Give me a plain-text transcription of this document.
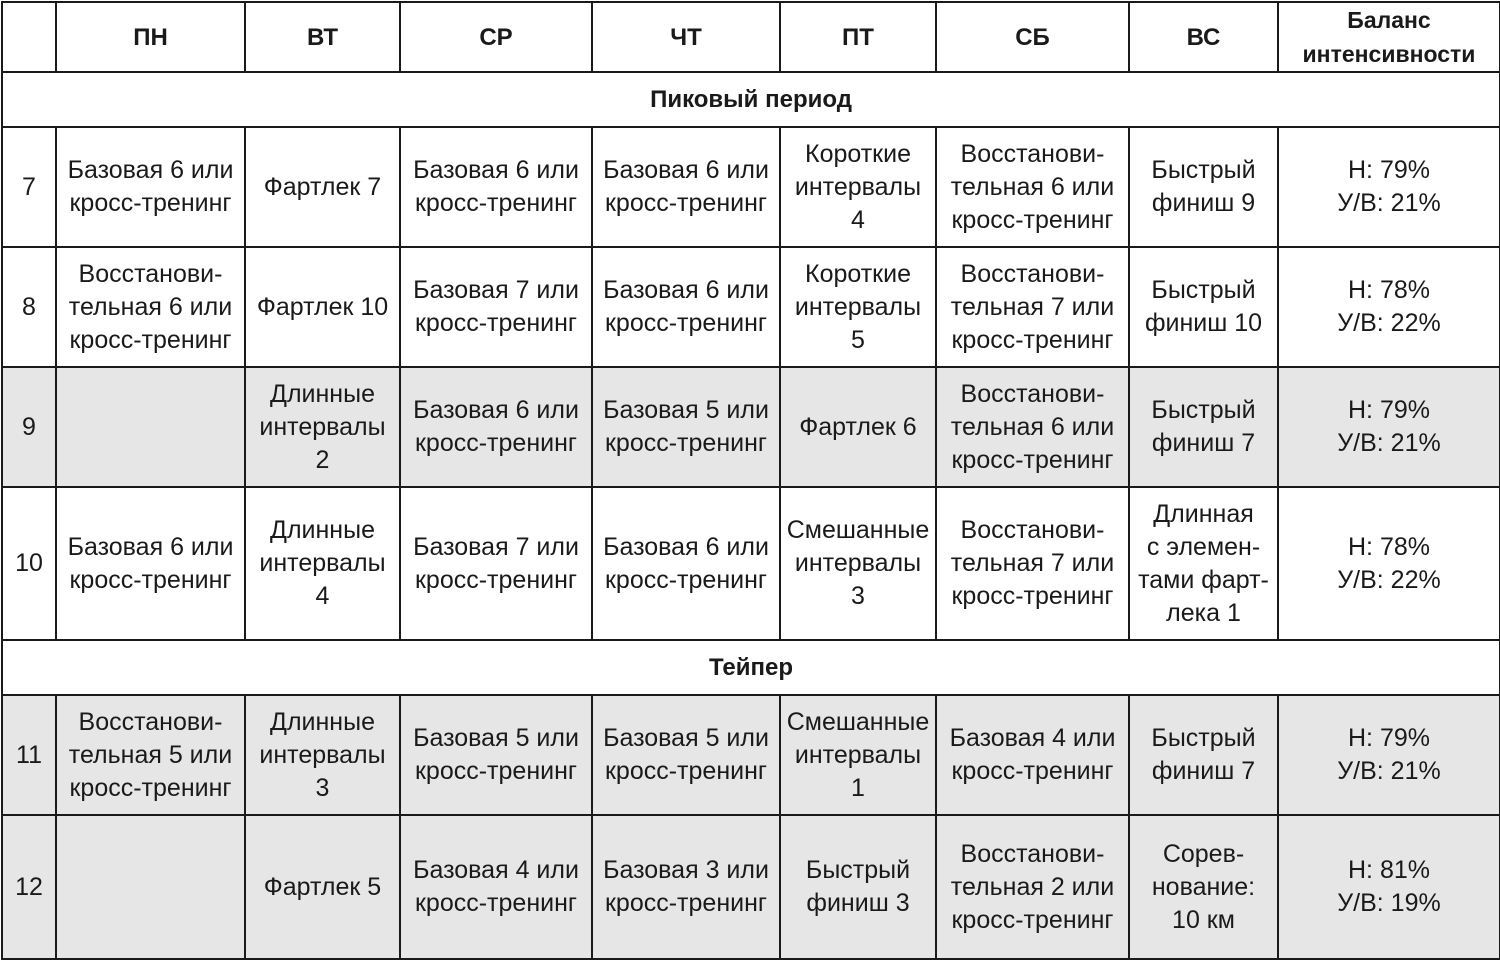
	ПН	ВТ	СР	ЧТ	ПТ	СБ	ВС	Баланс
интенсивности
Пиковый период								
7	Базовая 6 или
кросс-тренинг	Фартлек 7	Базовая 6 или
кросс-тренинг	Базовая 6 или
кросс-тренинг	Короткие
интервалы 4	Восстанови-
тельная 6 или
кросс-тренинг	Быстрый
финиш 9	Н: 79%
У/В: 21%
8	Восстанови-
тельная 6 или
кросс-тренинг	Фартлек 10	Базовая 7 или
кросс-тренинг	Базовая 6 или
кросс-тренинг	Короткие
интервалы 5	Восстанови-
тельная 7 или
кросс-тренинг	Быстрый
финиш 10	Н: 78%
У/В: 22%
9		Длинные
интервалы 2	Базовая 6 или
кросс-тренинг	Базовая 5 или
кросс-тренинг	Фартлек 6	Восстанови-
тельная 6 или
кросс-тренинг	Быстрый
финиш 7	Н: 79%
У/В: 21%
10	Базовая 6 или
кросс-тренинг	Длинные
интервалы 4	Базовая 7 или
кросс-тренинг	Базовая 6 или
кросс-тренинг	Смешанные
интервалы 3	Восстанови-
тельная 7 или
кросс-тренинг	Длинная
с элемен-
тами фарт-
лека 1	Н: 78%
У/В: 22%
Тейпер								
11	Восстанови-
тельная 5 или
кросс-тренинг	Длинные
интервалы 3	Базовая 5 или
кросс-тренинг	Базовая 5 или
кросс-тренинг	Смешанные
интервалы 1	Базовая 4 или
кросс-тренинг	Быстрый
финиш 7	Н: 79%
У/В: 21%
12		Фартлек 5	Базовая 4 или
кросс-тренинг	Базовая 3 или
кросс-тренинг	Быстрый
финиш 3	Восстанови-
тельная 2 или
кросс-тренинг	Сорев-
нование:
10 км	Н: 81%
У/В: 19%
